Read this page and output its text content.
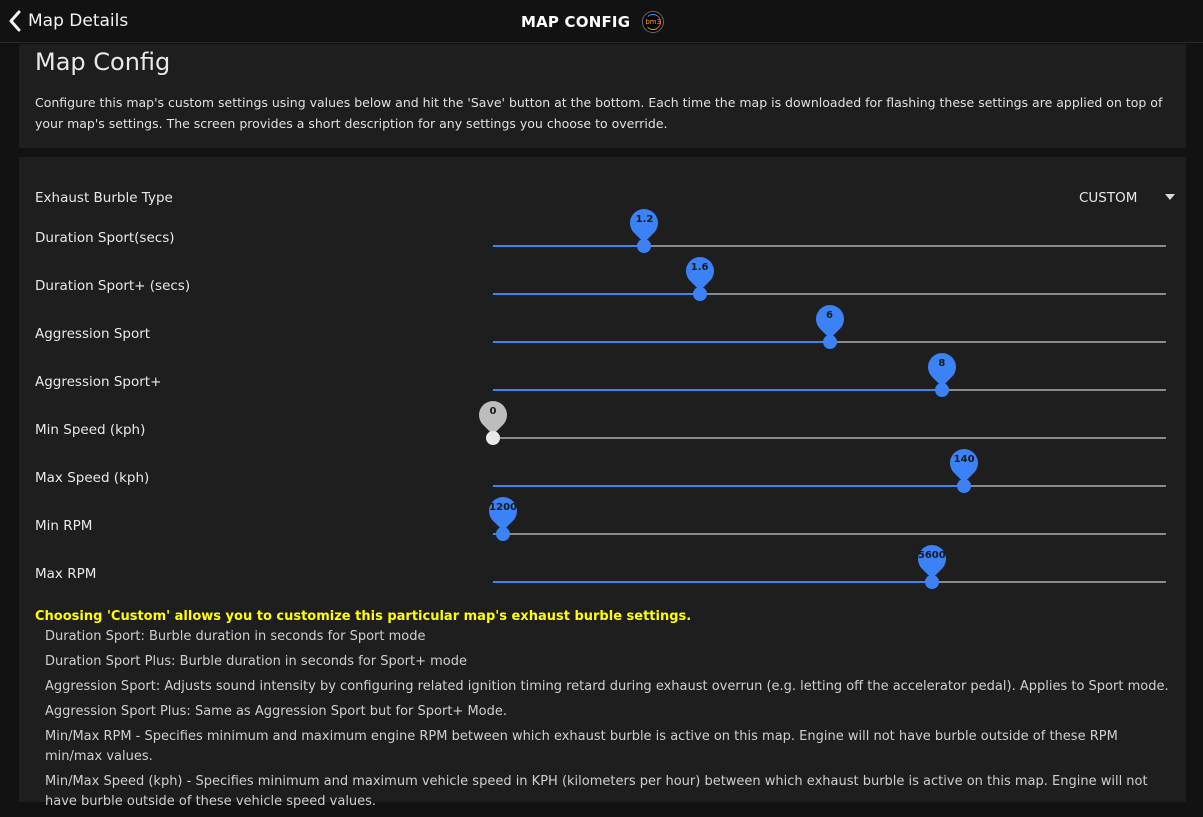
Map Details	MAP CONFIG bm3
Map Config

Configure this map's custom settings using values below and hit the 'Save' button at the bottom. Each time the map is downloaded for flashing these settings are applied on top of your map's settings. The screen provides a short description for any settings you choose to override.

Exhaust Burble Type	CUSTOM
Duration Sport(secs)
1.2
Duration Sport+ (secs)
1.6
Aggression Sport
6
Aggression Sport+
8
Min Speed (kph)
0
Max Speed (kph)
140
Min RPM
1200
Max RPM
5600
Choosing 'Custom' allows you to customize this particular map's exhaust burble settings.
Duration Sport: Burble duration in seconds for Sport mode
Duration Sport Plus: Burble duration in seconds for Sport+ mode
Aggression Sport: Adjusts sound intensity by configuring related ignition timing retard during exhaust overrun (e.g. letting off the accelerator pedal). Applies to Sport mode.
Aggression Sport Plus: Same as Aggression Sport but for Sport+ Mode.
Min/Max RPM - Specifies minimum and maximum engine RPM between which exhaust burble is active on this map. Engine will not have burble outside of these RPM min/max values.
Min/Max Speed (kph) - Specifies minimum and maximum vehicle speed in KPH (kilometers per hour) between which exhaust burble is active on this map. Engine will not have burble outside of these vehicle speed values.
